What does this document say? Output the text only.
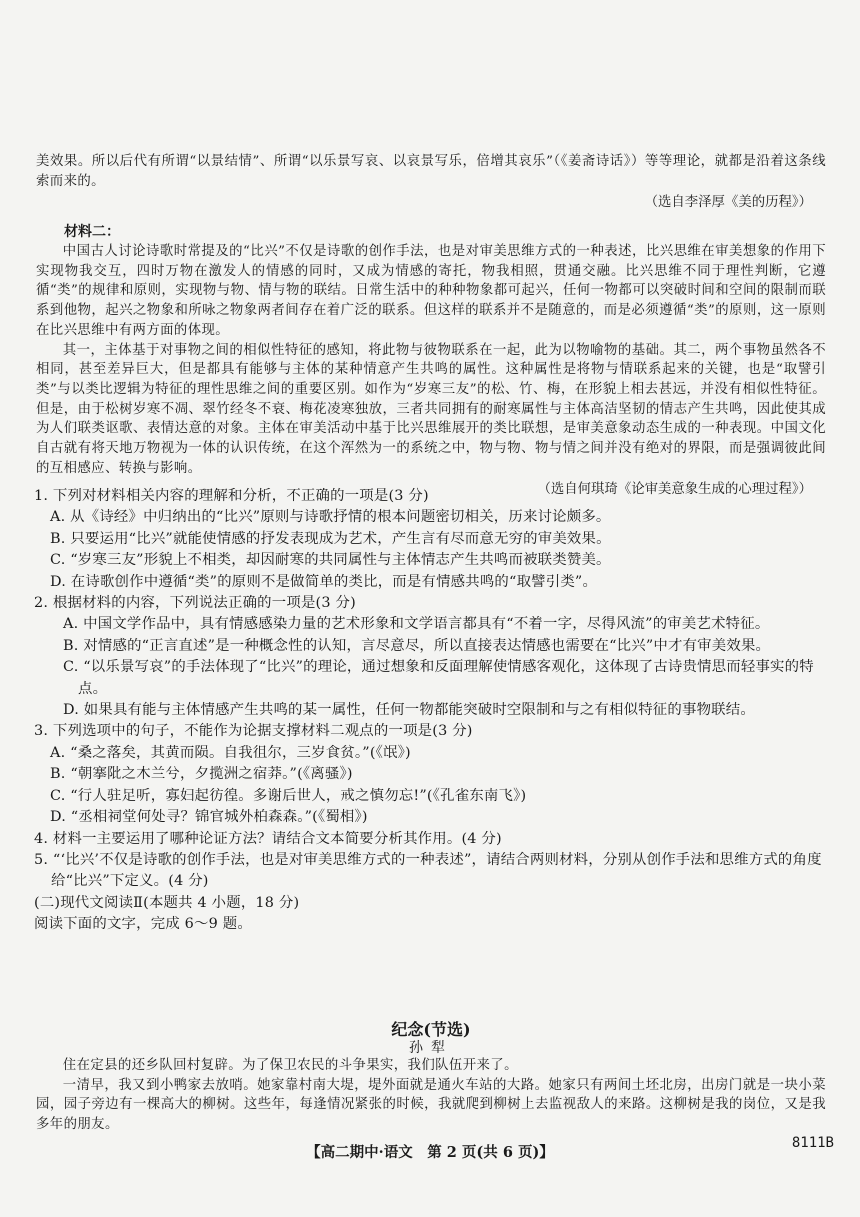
美效果。所以后代有所谓“以景结情”、所谓“以乐景写哀、以哀景写乐，倍增其哀乐”（《姜斋诗话》）等等理论，就都是沿着这条线索而来的。

（选自李泽厚《美的历程》）

材料二：

中国古人讨论诗歌时常提及的“比兴”不仅是诗歌的创作手法，也是对审美思维方式的一种表述，比兴思维在审美想象的作用下实现物我交互，四时万物在激发人的情感的同时，又成为情感的寄托，物我相照，贯通交融。比兴思维不同于理性判断，它遵循“类”的规律和原则，实现物与物、情与物的联结。日常生活中的种种物象都可起兴，任何一物都可以突破时间和空间的限制而联系到他物，起兴之物象和所咏之物象两者间存在着广泛的联系。但这样的联系并不是随意的，而是必须遵循“类”的原则，这一原则在比兴思维中有两方面的体现。

其一，主体基于对事物之间的相似性特征的感知，将此物与彼物联系在一起，此为以物喻物的基础。其二，两个事物虽然各不相同，甚至差异巨大，但是都具有能够与主体的某种情意产生共鸣的属性。这种属性是将物与情联系起来的关键，也是“取譬引类”与以类比逻辑为特征的理性思维之间的重要区别。如作为“岁寒三友”的松、竹、梅，在形貌上相去甚远，并没有相似性特征。但是，由于松树岁寒不凋、翠竹经冬不衰、梅花凌寒独放，三者共同拥有的耐寒属性与主体高洁坚韧的情志产生共鸣，因此使其成为人们联类讴歌、表情达意的对象。主体在审美活动中基于比兴思维展开的类比联想，是审美意象动态生成的一种表现。中国文化自古就有将天地万物视为一体的认识传统，在这个浑然为一的系统之中，物与物、物与情之间并没有绝对的界限，而是强调彼此间的互相感应、转换与影响。

（选自何琪琦《论审美意象生成的心理过程》）

1. 下列对材料相关内容的理解和分析，不正确的一项是(3 分)

A. 从《诗经》中归纳出的“比兴”原则与诗歌抒情的根本问题密切相关，历来讨论颇多。

B. 只要运用“比兴”就能使情感的抒发表现成为艺术，产生言有尽而意无穷的审美效果。

C. “岁寒三友”形貌上不相类，却因耐寒的共同属性与主体情志产生共鸣而被联类赞美。

D. 在诗歌创作中遵循“类”的原则不是做简单的类比，而是有情感共鸣的“取譬引类”。

2. 根据材料的内容，下列说法正确的一项是(3 分)

A. 中国文学作品中，具有情感感染力量的艺术形象和文学语言都具有“不着一字，尽得风流”的审美艺术特征。

B. 对情感的“正言直述”是一种概念性的认知，言尽意尽，所以直接表达情感也需要在“比兴”中才有审美效果。

C. “以乐景写哀”的手法体现了“比兴”的理论，通过想象和反面理解使情感客观化，这体现了古诗贵情思而轻事实的特点。

D. 如果具有能与主体情感产生共鸣的某一属性，任何一物都能突破时空限制和与之有相似特征的事物联结。

3. 下列选项中的句子，不能作为论据支撑材料二观点的一项是(3 分)

A. “桑之落矣，其黄而陨。自我徂尔，三岁食贫。”(《氓》)

B. “朝搴阰之木兰兮，夕揽洲之宿莽。”(《离骚》)

C. “行人驻足听，寡妇起彷徨。多谢后世人，戒之慎勿忘!”(《孔雀东南飞》)

D. “丞相祠堂何处寻？锦官城外柏森森。”(《蜀相》)

4. 材料一主要运用了哪种论证方法？请结合文本简要分析其作用。(4 分)

5. “‘比兴’不仅是诗歌的创作手法，也是对审美思维方式的一种表述”，请结合两则材料，分别从创作手法和思维方式的角度给“比兴”下定义。(4 分)

(二)现代文阅读Ⅱ(本题共 4 小题，18 分)

阅读下面的文字，完成 6～9 题。

纪念(节选)

孙犁

住在定县的还乡队回村复辟。为了保卫农民的斗争果实，我们队伍开来了。

一清早，我又到小鸭家去放哨。她家靠村南大堤，堤外面就是通火车站的大路。她家只有两间土坯北房，出房门就是一块小菜园，园子旁边有一棵高大的柳树。这些年，每逢情况紧张的时候，我就爬到柳树上去监视敌人的来路。这柳树是我的岗位，又是我多年的朋友。

【高二期中·语文　第 2 页(共 6 页)】
8111B
